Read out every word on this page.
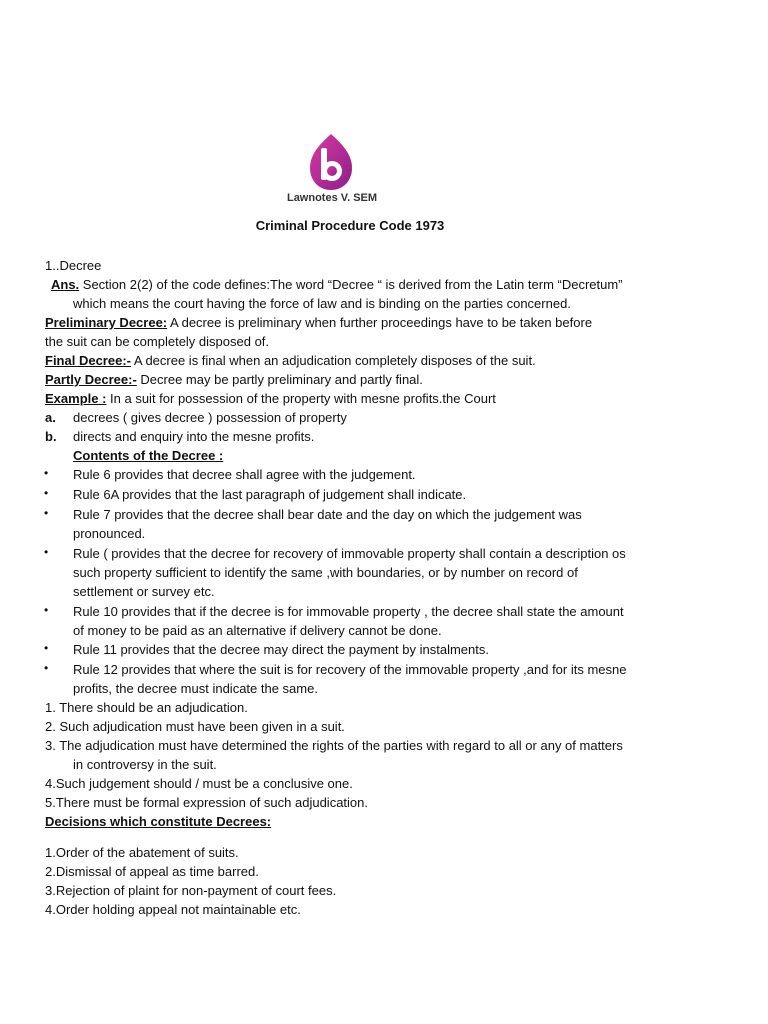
.
Lawnotes V. SEM
Criminal Procedure Code 1973
1..Decree
Ans. Section 2(2) of the code defines:The word “Decree “ is derived from the Latin term “Decretum”
which means the court having the force of law and is binding on the parties concerned.
Preliminary Decree: A decree is preliminary when further proceedings have to be taken before
the suit can be completely disposed of.
Final Decree:- A decree is final when an adjudication completely disposes of the suit.
Partly Decree:- Decree may be partly preliminary and partly final.
Example : In a suit for possession of the property with mesne profits.the Court
a. decrees ( gives decree ) possession of property
b. directs and enquiry into the mesne profits.
Contents of the Decree :
• Rule 6 provides that decree shall agree with the judgement.
• Rule 6A provides that the last paragraph of judgement shall indicate.
• Rule 7 provides that the decree shall bear date and the day on which the judgement was
pronounced.
• Rule ( provides that the decree for recovery of immovable property shall contain a description os
such property sufficient to identify the same ,with boundaries, or by number on record of
settlement or survey etc.
• Rule 10 provides that if the decree is for immovable property , the decree shall state the amount
of money to be paid as an alternative if delivery cannot be done.
• Rule 11 provides that the decree may direct the payment by instalments.
• Rule 12 provides that where the suit is for recovery of the immovable property ,and for its mesne
profits, the decree must indicate the same.
1. There should be an adjudication.
2. Such adjudication must have been given in a suit.
3. The adjudication must have determined the rights of the parties with regard to all or any of matters
in controversy in the suit.
4.Such judgement should / must be a conclusive one.
5.There must be formal expression of such adjudication.
Decisions which constitute Decrees:
1.Order of the abatement of suits.
2.Dismissal of appeal as time barred.
3.Rejection of plaint for non-payment of court fees.
4.Order holding appeal not maintainable etc.
